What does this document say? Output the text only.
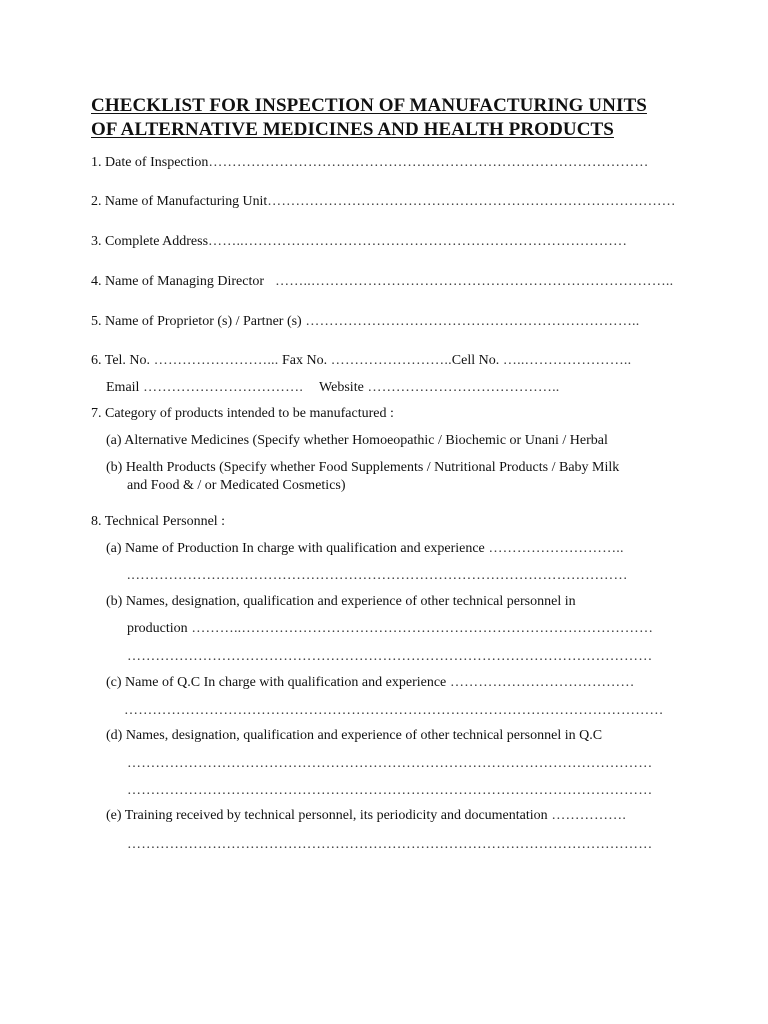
CHECKLIST FOR INSPECTION OF MANUFACTURING UNITS
OF ALTERNATIVE MEDICINES AND HEALTH PRODUCTS
1. Date of Inspection…………………………………………………………………………………
2. Name of Manufacturing Unit……………………………………………………………………………
3. Complete Address……..………………………………………………………………………
4. Name of Managing Director   ……..…………………………………………………………………..
5. Name of Proprietor (s) / Partner (s) ……………………………………………………………..
6. Tel. No. ……………………... Fax No. ……………………..Cell No. …..…………………..
Email ……………………………. Website …………………………………..
7. Category of products intended to be manufactured :
(a) Alternative Medicines (Specify whether Homoeopathic / Biochemic or Unani / Herbal
(b) Health Products (Specify whether Food Supplements / Nutritional Products / Baby Milk
and Food & / or Medicated Cosmetics)
8. Technical Personnel :
(a) Name of Production In charge with qualification and experience ………………………..
.……………………………………………………………………………………………
(b) Names, designation, qualification and experience of other technical personnel in
production ………..……………………………………………………………………………
…………………………………………………………………………………………………
(c) Name of Q.C In charge with qualification and experience …………………………………
……………………………………………………………………………………………………
(d) Names, designation, qualification and experience of other technical personnel in Q.C
…………………………………………………………………………………………………
…………………………………………………………………………………………………
(e) Training received by technical personnel, its periodicity and documentation …………….
…………………………………………………………………………………………………
